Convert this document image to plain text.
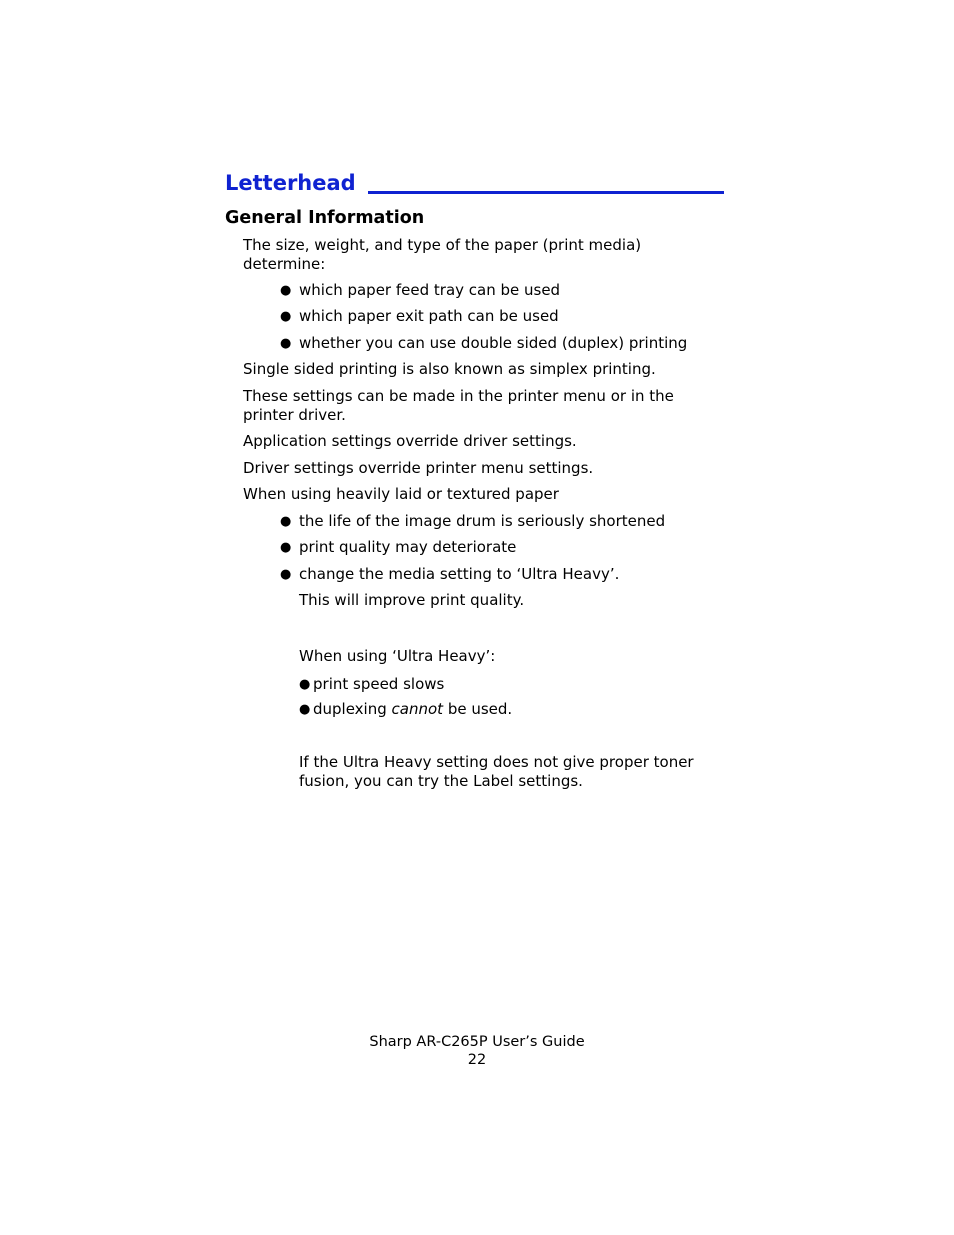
Letterhead
General Information

The size, weight, and type of the paper (print media)

determine:

● which paper feed tray can be used

● which paper exit path can be used

● whether you can use double sided (duplex) printing

Single sided printing is also known as simplex printing.

These settings can be made in the printer menu or in the

printer driver.

Application settings override driver settings.

Driver settings override printer menu settings.

When using heavily laid or textured paper

● the life of the image drum is seriously shortened

● print quality may deteriorate

● change the media setting to ‘Ultra Heavy’.

This will improve print quality.

When using ‘Ultra Heavy’:

● print speed slows

● duplexing cannot be used.

If the Ultra Heavy setting does not give proper toner

fusion, you can try the Label settings.

Sharp AR-C265P User’s Guide

22
